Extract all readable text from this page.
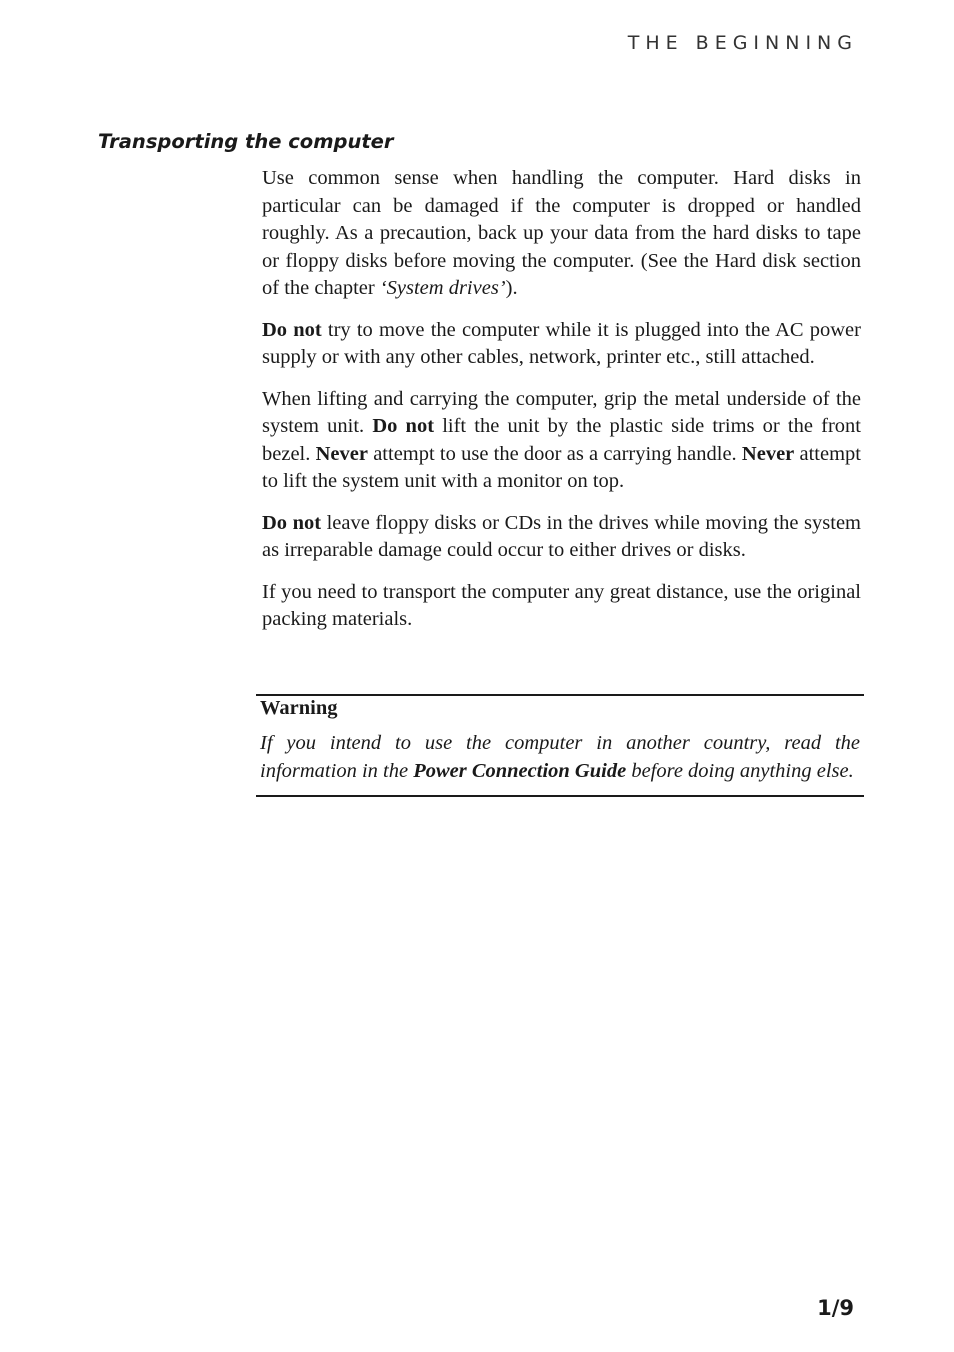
THE BEGINNING
Transporting the computer

Use common sense when handling the computer. Hard disks in particular can be damaged if the computer is dropped or handled roughly. As a precaution, back up your data from the hard disks to tape or floppy disks before moving the computer. (See the Hard disk section of the chapter ‘System drives’).

Do not try to move the computer while it is plugged into the AC power supply or with any other cables, network, printer etc., still attached.

When lifting and carrying the computer, grip the metal underside of the system unit. Do not lift the unit by the plastic side trims or the front bezel. Never attempt to use the door as a carrying handle. Never attempt to lift the system unit with a monitor on top.

Do not leave floppy disks or CDs in the drives while moving the system as irreparable damage could occur to either drives or disks.

If you need to transport the computer any great distance, use the original packing materials.

Warning

If you intend to use the computer in another country, read the information in the Power Connection Guide before doing anything else.

1/9
